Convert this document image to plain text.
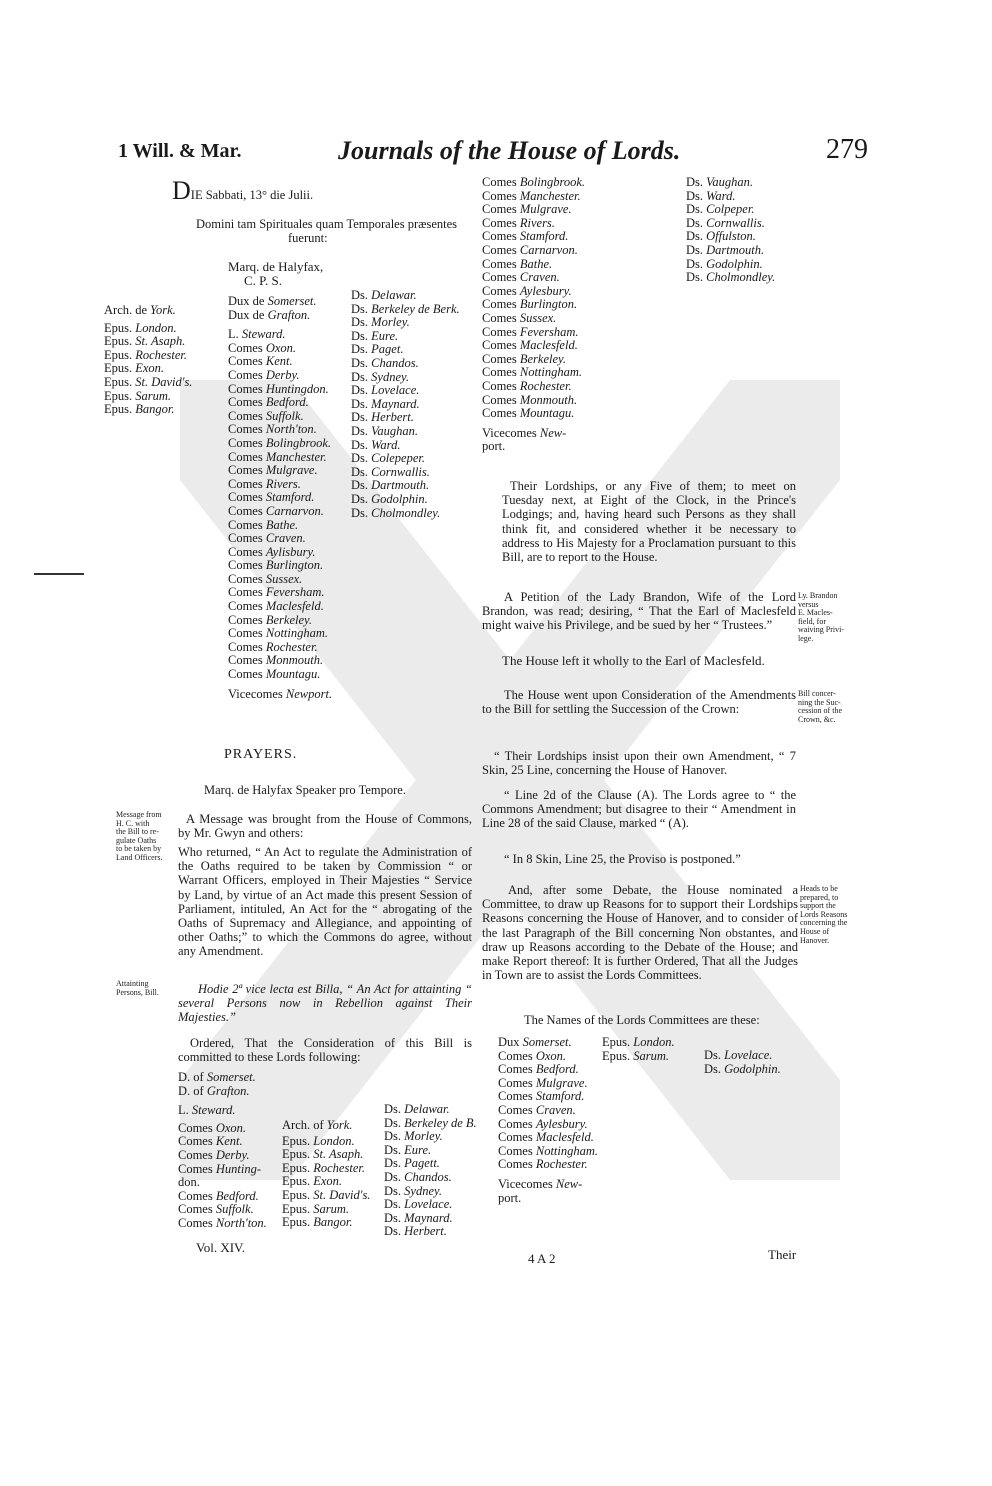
1 Will. & Mar.	Journals of the House of Lords.	279
DIE Sabbati, 13° die Julii.
Domini tam Spirituales quam Temporales præsentes
fuerunt:
Marq. de Halyfax,
C. P. S.
Arch. de York.
Epus. London.
Epus. St. Asaph.
Epus. Rochester.
Epus. Exon.
Epus. St. David's.
Epus. Sarum.
Epus. Bangor.
Dux de Somerset.
Dux de Grafton.
L. Steward.
Comes Oxon.
Comes Kent.
Comes Derby.
Comes Huntingdon.
Comes Bedford.
Comes Suffolk.
Comes North'ton.
Comes Bolingbrook.
Comes Manchester.
Comes Mulgrave.
Comes Rivers.
Comes Stamford.
Comes Carnarvon.
Comes Bathe.
Comes Craven.
Comes Aylisbury.
Comes Burlington.
Comes Sussex.
Comes Feversham.
Comes Maclesfeld.
Comes Berkeley.
Comes Nottingham.
Comes Rochester.
Comes Monmouth.
Comes Mountagu.
Vicecomes Newport.
Ds. Delawar.
Ds. Berkeley de Berk.
Ds. Morley.
Ds. Eure.
Ds. Paget.
Ds. Chandos.
Ds. Sydney.
Ds. Lovelace.
Ds. Maynard.
Ds. Herbert.
Ds. Vaughan.
Ds. Ward.
Ds. Colepeper.
Ds. Cornwallis.
Ds. Dartmouth.
Ds. Godolphin.
Ds. Cholmondley.
PRAYERS.
Marq. de Halyfax Speaker pro Tempore.
Message from
H. C. with
the Bill to re-
gulate Oaths
to be taken by
Land Officers.
A Message was brought from the House of Commons, by Mr. Gwyn and others:
Who returned, “ An Act to regulate the Administration of the Oaths required to be taken by Commission “ or Warrant Officers, employed in Their Majesties “ Service by Land, by virtue of an Act made this present Session of Parliament, intituled, An Act for the “ abrogating of the Oaths of Supremacy and Allegiance, and appointing of other Oaths;” to which the Commons do agree, without any Amendment.
Attainting
Persons, Bill.	Hodie 2ª vice lecta est Billa, “ An Act for attainting “ several Persons now in Rebellion against Their Majesties.”
Ordered, That the Consideration of this Bill is committed to these Lords following:
D. of Somerset.
D. of Grafton.
L. Steward.
Comes Oxon.
Comes Kent.
Comes Derby.
Comes Hunting-
don.
Comes Bedford.
Comes Suffolk.
Comes North'ton.
Arch. of York.
Epus. London.
Epus. St. Asaph.
Epus. Rochester.
Epus. Exon.
Epus. St. David's.
Epus. Sarum.
Epus. Bangor.
Ds. Delawar.
Ds. Berkeley de B.
Ds. Morley.
Ds. Eure.
Ds. Pagett.
Ds. Chandos.
Ds. Sydney.
Ds. Lovelace.
Ds. Maynard.
Ds. Herbert.
Vol. XIV.
Comes Bolingbrook.
Comes Manchester.
Comes Mulgrave.
Comes Rivers.
Comes Stamford.
Comes Carnarvon.
Comes Bathe.
Comes Craven.
Comes Aylesbury.
Comes Burlington.
Comes Sussex.
Comes Feversham.
Comes Maclesfeld.
Comes Berkeley.
Comes Nottingham.
Comes Rochester.
Comes Monmouth.
Comes Mountagu.
Vicecomes New-
port.
Ds. Vaughan.
Ds. Ward.
Ds. Colpeper.
Ds. Cornwallis.
Ds. Offulston.
Ds. Dartmouth.
Ds. Godolphin.
Ds. Cholmondley.
Their Lordships, or any Five of them; to meet on Tuesday next, at Eight of the Clock, in the Prince's Lodgings; and, having heard such Persons as they shall think fit, and considered whether it be necessary to address to His Majesty for a Proclamation pursuant to this Bill, are to report to the House.
Ly. Brandon
versus
E. Macles-
field, for
waiving Privi-
lege.
A Petition of the Lady Brandon, Wife of the Lord Brandon, was read; desiring, “ That the Earl of Maclesfeld might waive his Privilege, and be sued by her “ Trustees.”
The House left it wholly to the Earl of Maclesfeld.
Bill concer-
ning the Suc-
cession of the
Crown, &c.
The House went upon Consideration of the Amendments to the Bill for settling the Succession of the Crown:
“ Their Lordships insist upon their own Amendment, “ 7 Skin, 25 Line, concerning the House of Hanover.
“ Line 2d of the Clause (A). The Lords agree to “ the Commons Amendment; but disagree to their “ Amendment in Line 28 of the said Clause, marked “ (A).
“ In 8 Skin, Line 25, the Proviso is postponed.”
Heads to be
prepared, to
support the
Lords Reasons
concerning the
House of
Hanover.
And, after some Debate, the House nominated a Committee, to draw up Reasons for to support their Lordships Reasons concerning the House of Hanover, and to consider of the last Paragraph of the Bill concerning Non obstantes, and draw up Reasons according to the Debate of the House; and make Report thereof: It is further Ordered, That all the Judges in Town are to assist the Lords Committees.
The Names of the Lords Committees are these:
Dux Somerset.
Comes Oxon.
Comes Bedford.
Comes Mulgrave.
Comes Stamford.
Comes Craven.
Comes Aylesbury.
Comes Maclesfeld.
Comes Nottingham.
Comes Rochester.
Vicecomes New-
port.
Epus. London.
Epus. Sarum.	Ds. Lovelace.
Ds. Godolphin.
4 A 2	Their
